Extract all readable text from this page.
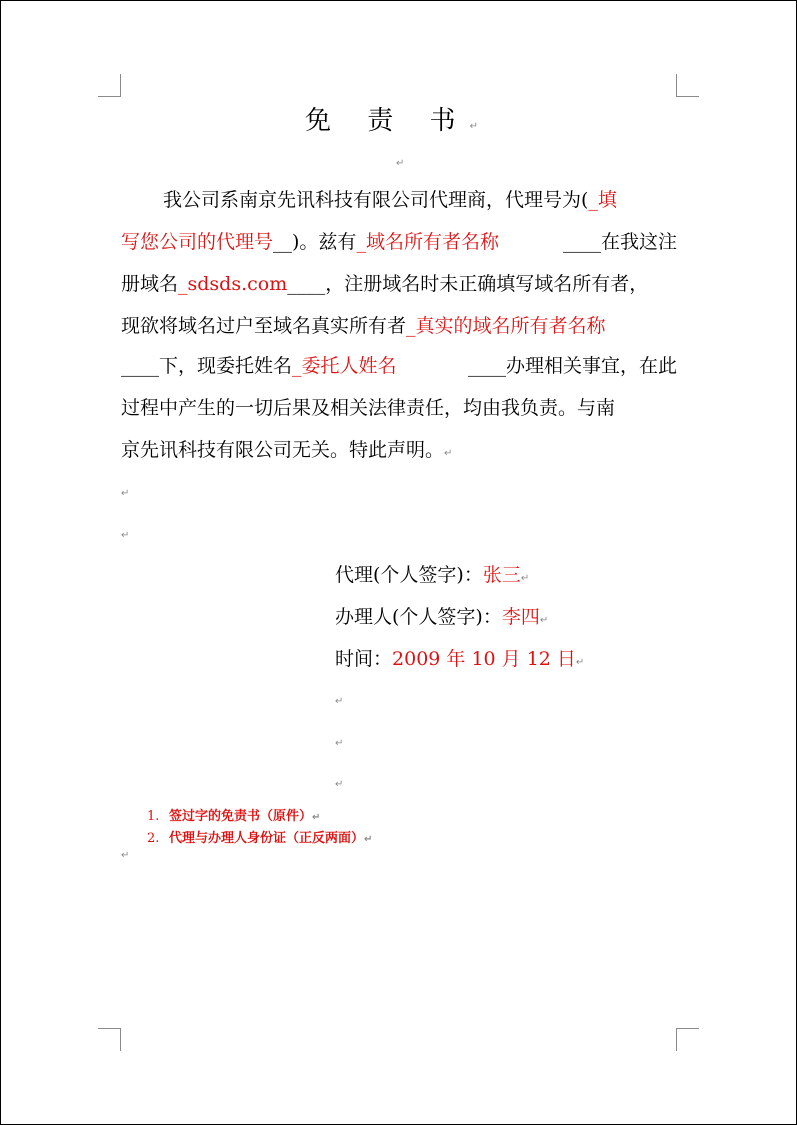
免 责 书↵
↵
我公司系南京先讯科技有限公司代理商，代理号为(_填
写您公司的代理号__)。兹有_域名所有者名称	____在我这注
册域名_sdsds.com____，注册域名时未正确填写域名所有者，
现欲将域名过户至域名真实所有者_真实的域名所有者名称
____下，现委托姓名_委托人姓名	____办理相关事宜，在此
过程中产生的一切后果及相关法律责任，均由我负责。与南
京先讯科技有限公司无关。特此声明。↵
↵
↵
代理(个人签字)：张三↵
办理人(个人签字)：李四↵
时间：2009 年 10 月 12 日↵
↵
↵
↵
1. 签过字的免责书（原件）↵
2. 代理与办理人身份证（正反两面）↵
↵
